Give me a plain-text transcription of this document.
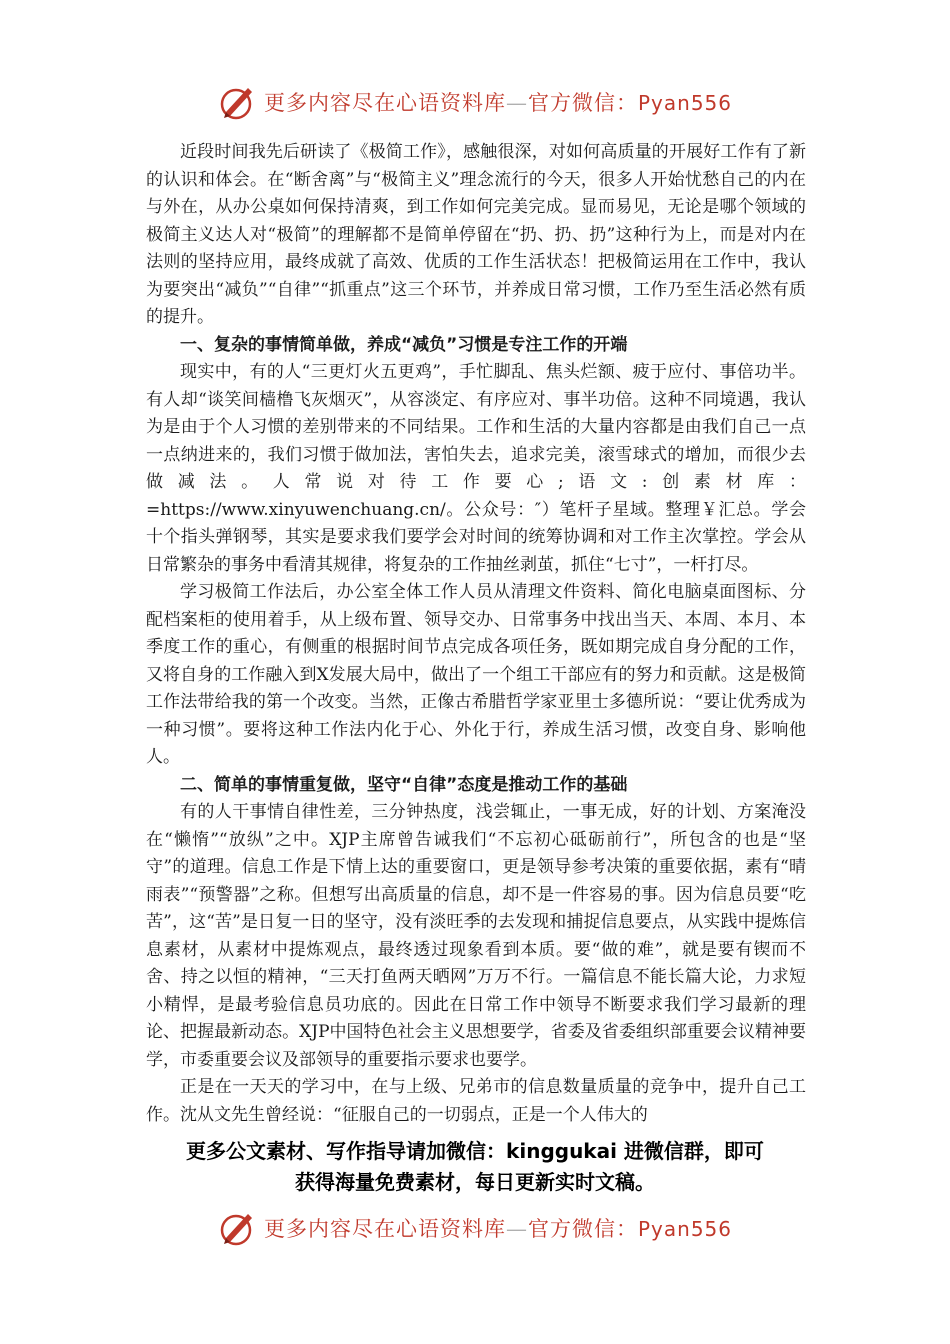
更多内容尽在心语资料库—官方微信：Pyan556

近段时间我先后研读了《极简工作》，感触很深，对如何高质量的开展好工作有了新的认识和体会。在“断舍离”与“极简主义”理念流行的今天，很多人开始忧愁自己的内在与外在，从办公桌如何保持清爽，到工作如何完美完成。显而易见，无论是哪个领域的极简主义达人对“极简”的理解都不是简单停留在“扔、扔、扔”这种行为上，而是对内在法则的坚持应用，最终成就了高效、优质的工作生活状态！把极简运用在工作中，我认为要突出“减负”“自律”“抓重点”这三个环节，并养成日常习惯，工作乃至生活必然有质的提升。

一、复杂的事情简单做，养成“减负”习惯是专注工作的开端

现实中，有的人“三更灯火五更鸡”，手忙脚乱、焦头烂额、疲于应付、事倍功半。有人却“谈笑间樯橹飞灰烟灭”，从容淡定、有序应对、事半功倍。这种不同境遇，我认为是由于个人习惯的差别带来的不同结果。工作和生活的大量内容都是由我们自己一点一点纳进来的，我们习惯于做加法，害怕失去，追求完美，滚雪球式的增加，而很少去做减法。人常说对待工作要心;语文:创素材库：=https://www.xinyuwenchuang.cn/。公众号：″）笔杆子星域。整理￥汇总。学会十个指头弹钢琴，其实是要求我们要学会对时间的统筹协调和对工作主次掌控。学会从日常繁杂的事务中看清其规律，将复杂的工作抽丝剥茧，抓住“七寸”，一杆打尽。

学习极简工作法后，办公室全体工作人员从清理文件资料、简化电脑桌面图标、分配档案柜的使用着手，从上级布置、领导交办、日常事务中找出当天、本周、本月、本季度工作的重心，有侧重的根据时间节点完成各项任务，既如期完成自身分配的工作，又将自身的工作融入到X发展大局中，做出了一个组工干部应有的努力和贡献。这是极简工作法带给我的第一个改变。当然，正像古希腊哲学家亚里士多德所说：“要让优秀成为一种习惯”。要将这种工作法内化于心、外化于行，养成生活习惯，改变自身、影响他人。

二、简单的事情重复做，坚守“自律”态度是推动工作的基础

有的人干事情自律性差，三分钟热度，浅尝辄止，一事无成，好的计划、方案淹没在“懒惰”“放纵”之中。XJP主席曾告诫我们“不忘初心砥砺前行”，所包含的也是“坚守”的道理。信息工作是下情上达的重要窗口，更是领导参考决策的重要依据，素有“晴雨表”“预警器”之称。但想写出高质量的信息，却不是一件容易的事。因为信息员要“吃苦”，这“苦”是日复一日的坚守，没有淡旺季的去发现和捕捉信息要点，从实践中提炼信息素材，从素材中提炼观点，最终透过现象看到本质。要“做的难”，就是要有锲而不舍、持之以恒的精神，“三天打鱼两天晒网”万万不行。一篇信息不能长篇大论，力求短小精悍，是最考验信息员功底的。因此在日常工作中领导不断要求我们学习最新的理论、把握最新动态。XJP中国特色社会主义思想要学，省委及省委组织部重要会议精神要学，市委重要会议及部领导的重要指示要求也要学。

正是在一天天的学习中，在与上级、兄弟市的信息数量质量的竞争中，提升自己工作。沈从文先生曾经说：“征服自己的一切弱点，正是一个人伟大的

更多公文素材、写作指导请加微信：kinggukai 进微信群，即可
获得海量免费素材，每日更新实时文稿。
更多内容尽在心语资料库—官方微信：Pyan556
